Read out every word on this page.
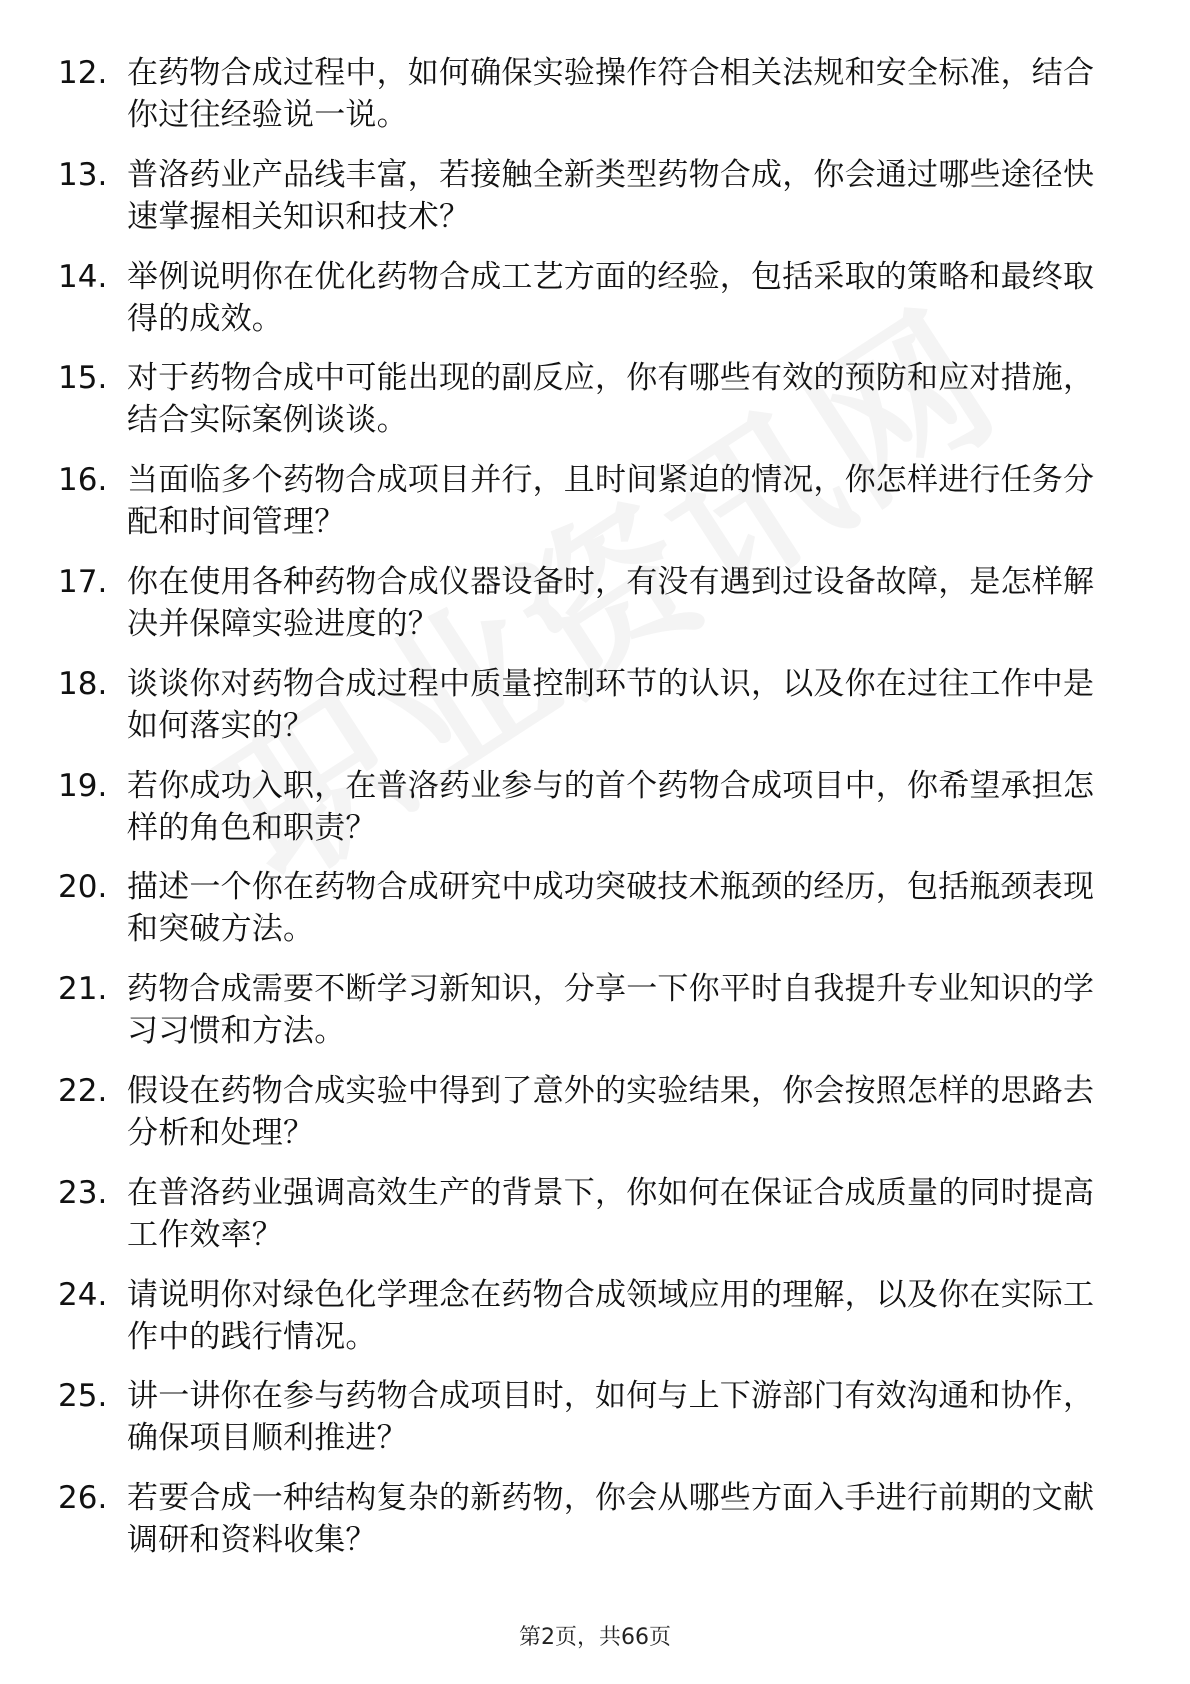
12. 在药物合成过程中，如何确保实验操作符合相关法规和安全标准，结合你过往经验说一说。
13. 普洛药业产品线丰富，若接触全新类型药物合成，你会通过哪些途径快速掌握相关知识和技术？
14. 举例说明你在优化药物合成工艺方面的经验，包括采取的策略和最终取得的成效。
15. 对于药物合成中可能出现的副反应，你有哪些有效的预防和应对措施，结合实际案例谈谈。
16. 当面临多个药物合成项目并行，且时间紧迫的情况，你怎样进行任务分配和时间管理？
17. 你在使用各种药物合成仪器设备时，有没有遇到过设备故障，是怎样解决并保障实验进度的？
18. 谈谈你对药物合成过程中质量控制环节的认识，以及你在过往工作中是如何落实的？
19. 若你成功入职，在普洛药业参与的首个药物合成项目中，你希望承担怎样的角色和职责？
20. 描述一个你在药物合成研究中成功突破技术瓶颈的经历，包括瓶颈表现和突破方法。
21. 药物合成需要不断学习新知识，分享一下你平时自我提升专业知识的学习习惯和方法。
22. 假设在药物合成实验中得到了意外的实验结果，你会按照怎样的思路去分析和处理？
23. 在普洛药业强调高效生产的背景下，你如何在保证合成质量的同时提高工作效率？
24. 请说明你对绿色化学理念在药物合成领域应用的理解，以及你在实际工作中的践行情况。
25. 讲一讲你在参与药物合成项目时，如何与上下游部门有效沟通和协作，确保项目顺利推进？
26. 若要合成一种结构复杂的新药物，你会从哪些方面入手进行前期的文献调研和资料收集？
第2页，共66页
